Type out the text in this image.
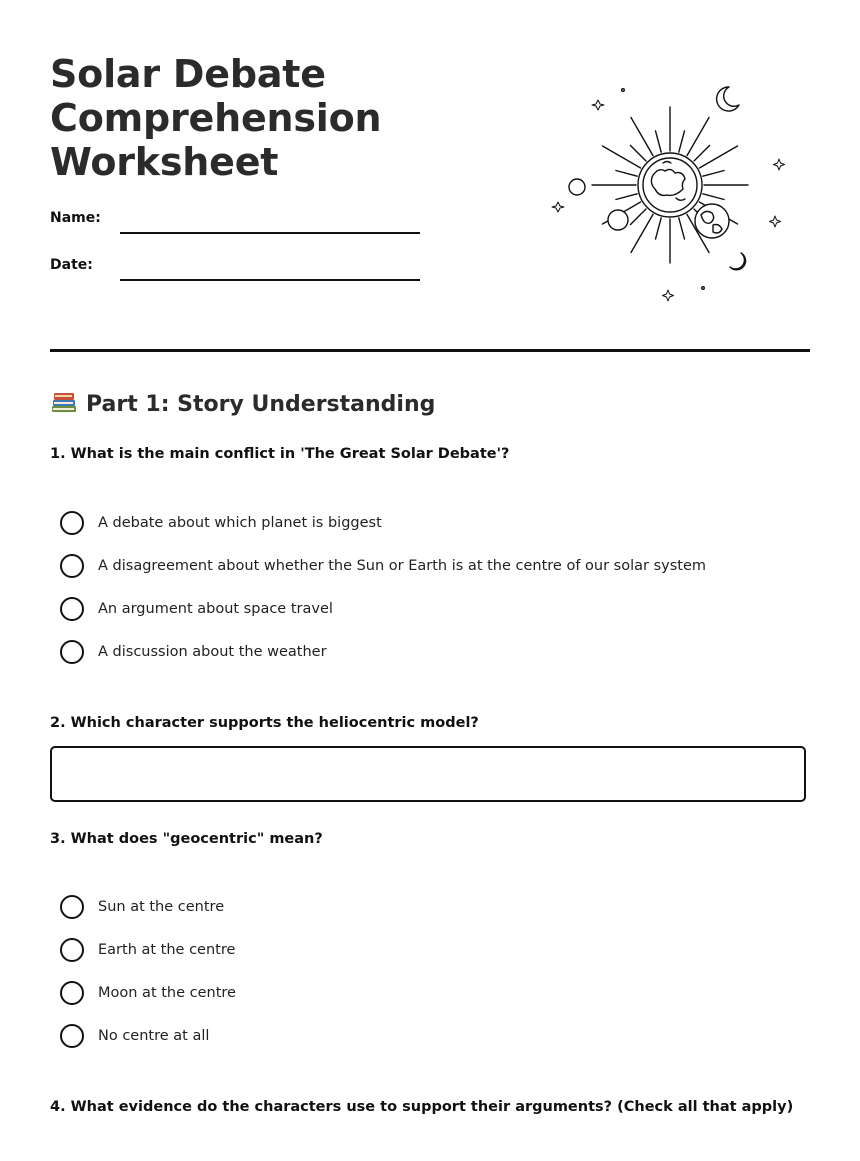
Solar Debate
Comprehension
Worksheet
Name:
Date:
Part 1: Story Understanding

1. What is the main conflict in 'The Great Solar Debate'?

A debate about which planet is biggest
A disagreement about whether the Sun or Earth is at the centre of our solar system
An argument about space travel
A discussion about the weather

2. Which character supports the heliocentric model?

3. What does "geocentric" mean?

Sun at the centre
Earth at the centre
Moon at the centre
No centre at all

4. What evidence do the characters use to support their arguments? (Check all that apply)
